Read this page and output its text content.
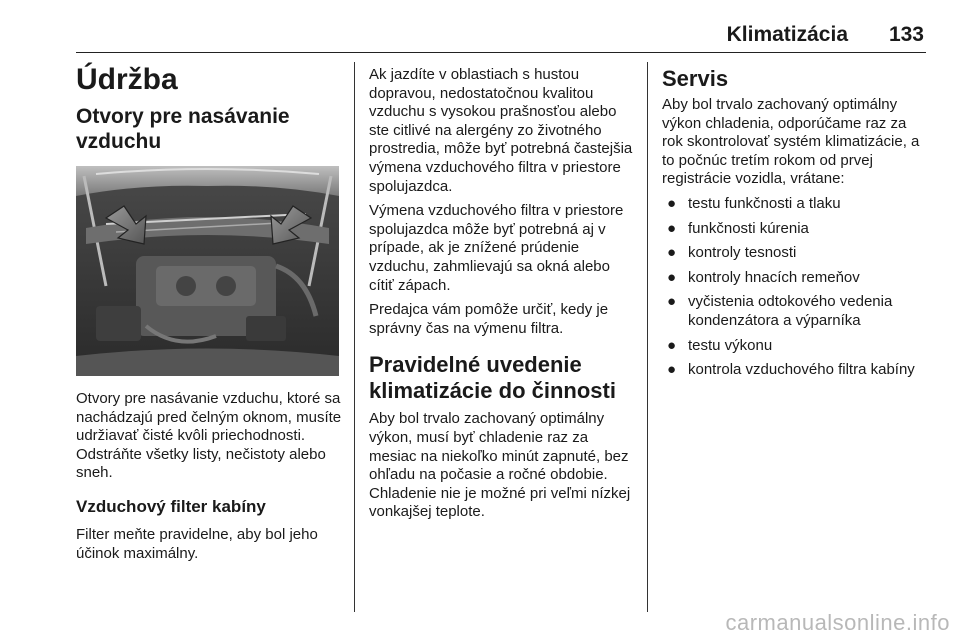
Klimatizácia 133
Údržba
Otvory pre nasávanie vzduchu

Otvory pre nasávanie vzduchu, ktoré sa nachádzajú pred čelným oknom, musíte udržiavať čisté kvôli priechodnosti. Odstráňte všetky listy, nečistoty alebo sneh.

Vzduchový filter kabíny

Filter meňte pravidelne, aby bol jeho účinok maximálny.

Ak jazdíte v oblastiach s hustou dopravou, nedostatočnou kvalitou vzduchu s vysokou prašnosťou alebo ste citlivé na alergény zo životného prostredia, môže byť potrebná častejšia výmena vzduchového filtra v priestore spolujazdca.

Výmena vzduchového filtra v priestore spolujazdca môže byť potrebná aj v prípade, ak je znížené prúdenie vzduchu, zahmlievajú sa okná alebo cítiť zápach.

Predajca vám pomôže určiť, kedy je správny čas na výmenu filtra.

Pravidelné uvedenie klimatizácie do činnosti

Aby bol trvalo zachovaný optimálny výkon, musí byť chladenie raz za mesiac na niekoľko minút zapnuté, bez ohľadu na počasie a ročné obdobie. Chladenie nie je možné pri veľmi nízkej vonkajšej teplote.

Servis

Aby bol trvalo zachovaný optimálny výkon chladenia, odporúčame raz za rok skontrolovať systém klimatizácie, a to počnúc tretím rokom od prvej registrácie vozidla, vrátane:

● testu funkčnosti a tlaku
● funkčnosti kúrenia
● kontroly tesnosti
● kontroly hnacích remeňov
● vyčistenia odtokového vedenia kondenzátora a výparníka
● testu výkonu
● kontrola vzduchového filtra kabíny
carmanualsonline.info
